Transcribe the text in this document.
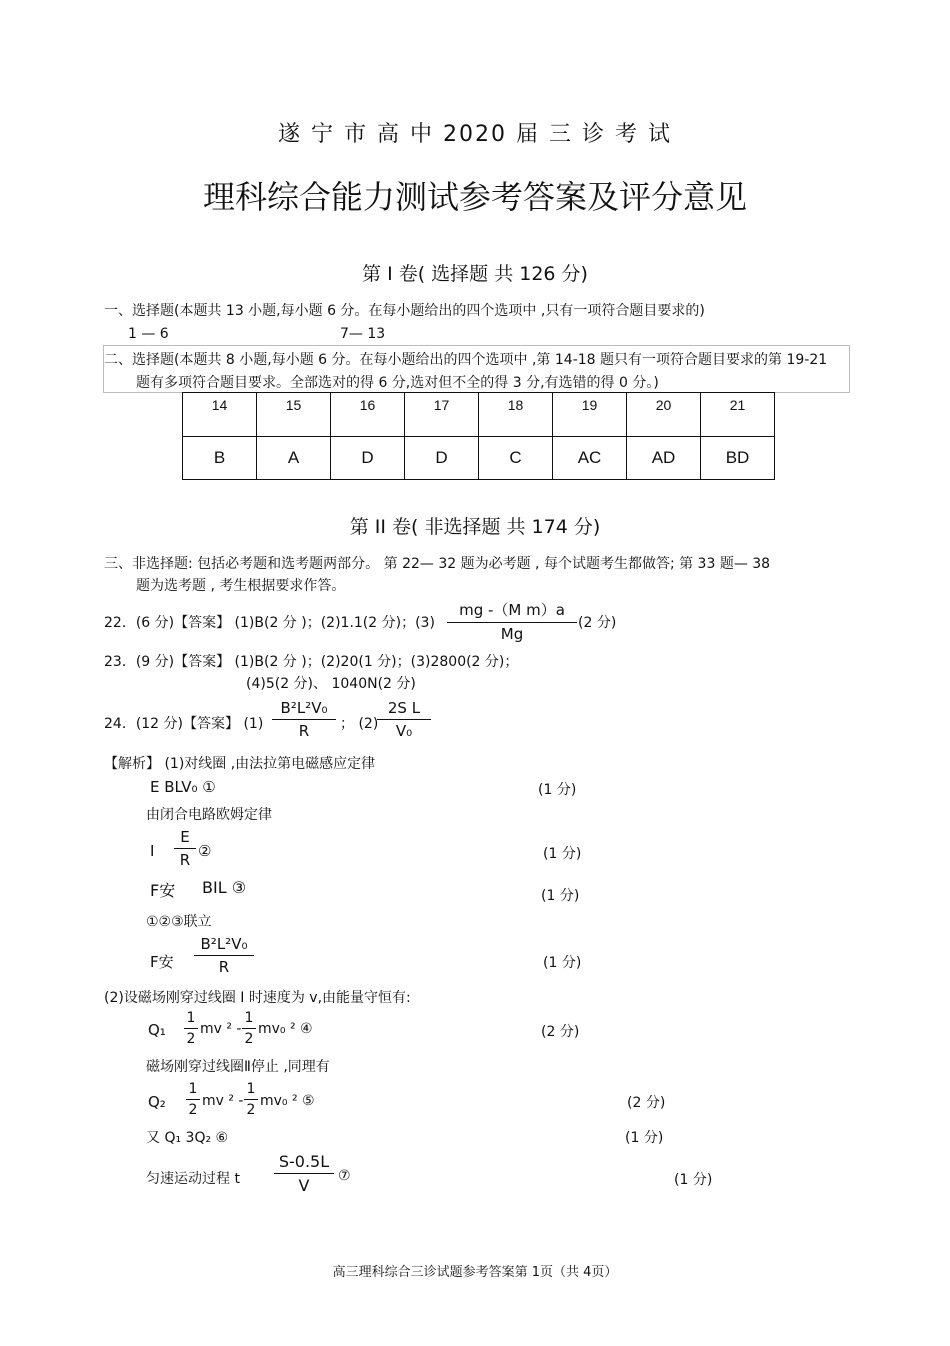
遂 宁 市 高 中 2020 届 三 诊 考 试
理科综合能力测试参考答案及评分意见
第 I 卷( 选择题 共 126 分)
一、选择题(本题共 13 小题,每小题 6 分。在每小题给出的四个选项中 ,只有一项符合题目要求的)
1 — 6	7— 13
二、选择题(本题共 8 小题,每小题 6 分。在每小题给出的四个选项中 ,第 14-18 题只有一项符合题目要求的第 19-21
题有多项符合题目要求。全部选对的得 6 分,选对但不全的得 3 分,有选错的得 0 分。)
14	15	16	17	18	19	20	21
B	A	D	D	C	AC	AD	BD
第 II 卷( 非选择题 共 174 分)
三、非选择题: 包括必考题和选考题两部分。 第 22— 32 题为必考题 , 每个试题考生都做答; 第 33 题— 38
题为选考题 , 考生根据要求作答。
22．(6 分)【答案】 (1)B(2 分 )；(2)1.1(2 分)；$(3) \frac{\text{mg -（M m）a}}{Mg} (2$ 分)
23．(9 分)【答案】 (1)B(2 分 )；(2)20(1 分)；(3)2800(2 分)；
(4)5(2 分)、 1040N(2 分)
24．(12 分)【答案】 $(1) \frac{\text{B²L²V₀}}{R}$ ； (2)
$\frac{\text{2S L}}{\text{V₀}}$
【解析】 (1)对线圈 ,由法拉第电磁感应定律
E BLV₀ ①	(1 分)
由闭合电路欧姆定律
I $\frac{E}{R}$ ②	(1 分)
F安 BIL ③	(1 分)
①②③联立
F安 $\frac{\text{B²L²V₀}}{R}$	(1 分)
(2)设磁场刚穿过线圈 I 时速度为 v,由能量守恒有:
$Q_1 \frac{1}{2}$ mv $^2 - \frac{1}{2} mv_0$ ² ④	(2 分)
磁场刚穿过线圈Ⅱ停止 ,同理有
$Q_2 \frac{1}{2}$ mv $^2 - \frac{1}{2} mv_0$ ² ⑤	(2 分)
又 Q₁ 3Q₂ ⑥	(1 分)
匀速运动过程 t $\frac{S-0.5L}{V}$ ⑦	(1 分)
高三理科综合三诊试题参考答案第 1页（共 4页）
